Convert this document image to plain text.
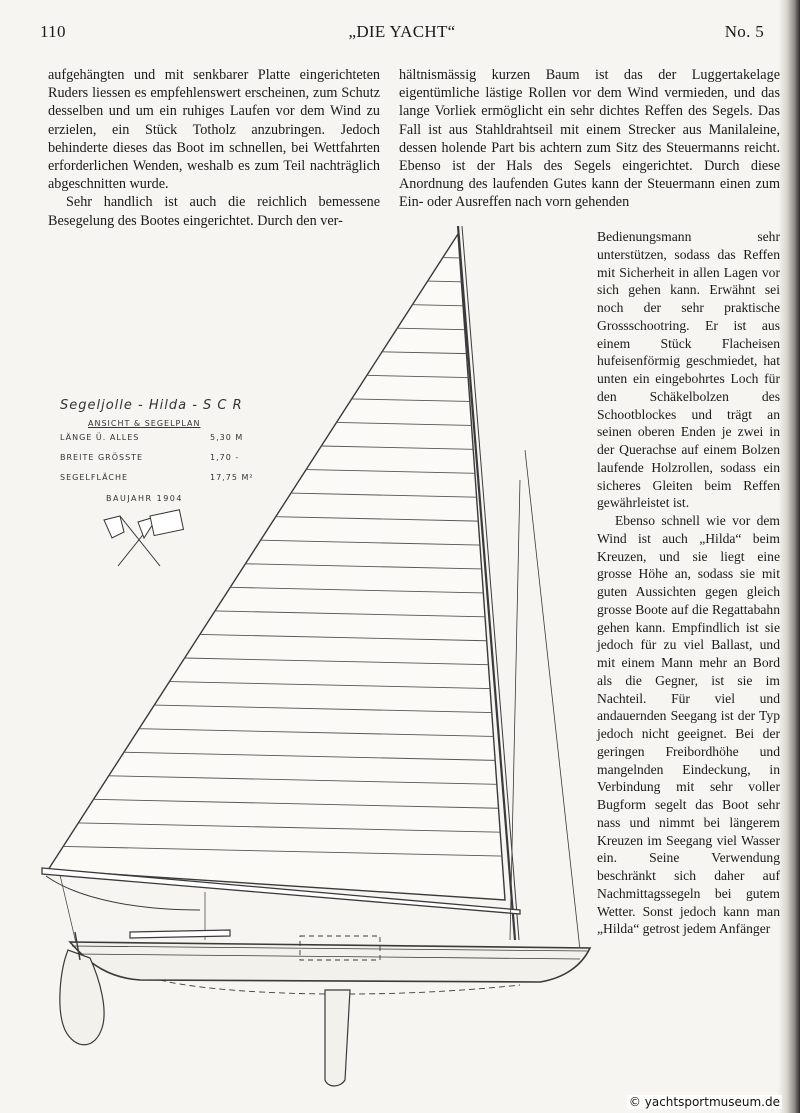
110	„DIE YACHT“	No. 5

aufgehängten und mit senkbarer Platte eingerichteten Ruders liessen es empfehlenswert erscheinen, zum Schutz desselben und um ein ruhiges Laufen vor dem Wind zu erzielen, ein Stück Totholz anzubringen. Jedoch behinderte dieses das Boot im schnellen, bei Wettfahrten erforderlichen Wenden, weshalb es zum Teil nachträglich abgeschnitten wurde.

Sehr handlich ist auch die reichlich bemessene Besegelung des Bootes eingerichtet. Durch den ver-

hältnismässig kurzen Baum ist das der Luggertakelage eigentümliche lästige Rollen vor dem Wind vermieden, und das lange Vorliek ermöglicht ein sehr dichtes Reffen des Segels. Das Fall ist aus Stahldrahtseil mit einem Strecker aus Manilaleine, dessen holende Part bis achtern zum Sitz des Steuermanns reicht. Ebenso ist der Hals des Segels eingerichtet. Durch diese Anordnung des laufenden Gutes kann der Steuermann einen zum Ein- oder Ausreffen nach vorn gehenden

Segeljolle - Hilda - S C R
ANSICHT & SEGELPLAN
LÄNGE Ü. ALLES	5,30 M
BREITE GRÖSSTE	1,70 -
SEGELFLÄCHE	17,75 M²
BAUJAHR 1904

Bedienungsmann sehr unterstützen, sodass das Reffen mit Sicherheit in allen Lagen vor sich gehen kann. Erwähnt sei noch der sehr praktische Grossschootring. Er ist aus einem Stück Flacheisen hufeisenförmig geschmiedet, hat unten ein eingebohrtes Loch für den Schäkelbolzen des Schootblockes und trägt an seinen oberen Enden je zwei in der Querachse auf einem Bolzen laufende Holzrollen, sodass ein sicheres Gleiten beim Reffen gewährleistet ist.

Ebenso schnell wie vor dem Wind ist auch „Hilda“ beim Kreuzen, und sie liegt eine grosse Höhe an, sodass sie mit guten Aussichten gegen gleich grosse Boote auf die Regattabahn gehen kann. Empfindlich ist sie jedoch für zu viel Ballast, und mit einem Mann mehr an Bord als die Gegner, ist sie im Nachteil. Für viel und andauernden Seegang ist der Typ jedoch nicht geeignet. Bei der geringen Freibordhöhe und mangelnden Eindeckung, in Verbindung mit sehr voller Bugform segelt das Boot sehr nass und nimmt bei längerem Kreuzen im Seegang viel Wasser ein. Seine Verwendung beschränkt sich daher auf Nachmittagssegeln bei gutem Wetter. Sonst jedoch kann man „Hilda“ getrost jedem Anfänger

© yachtsportmuseum.de
